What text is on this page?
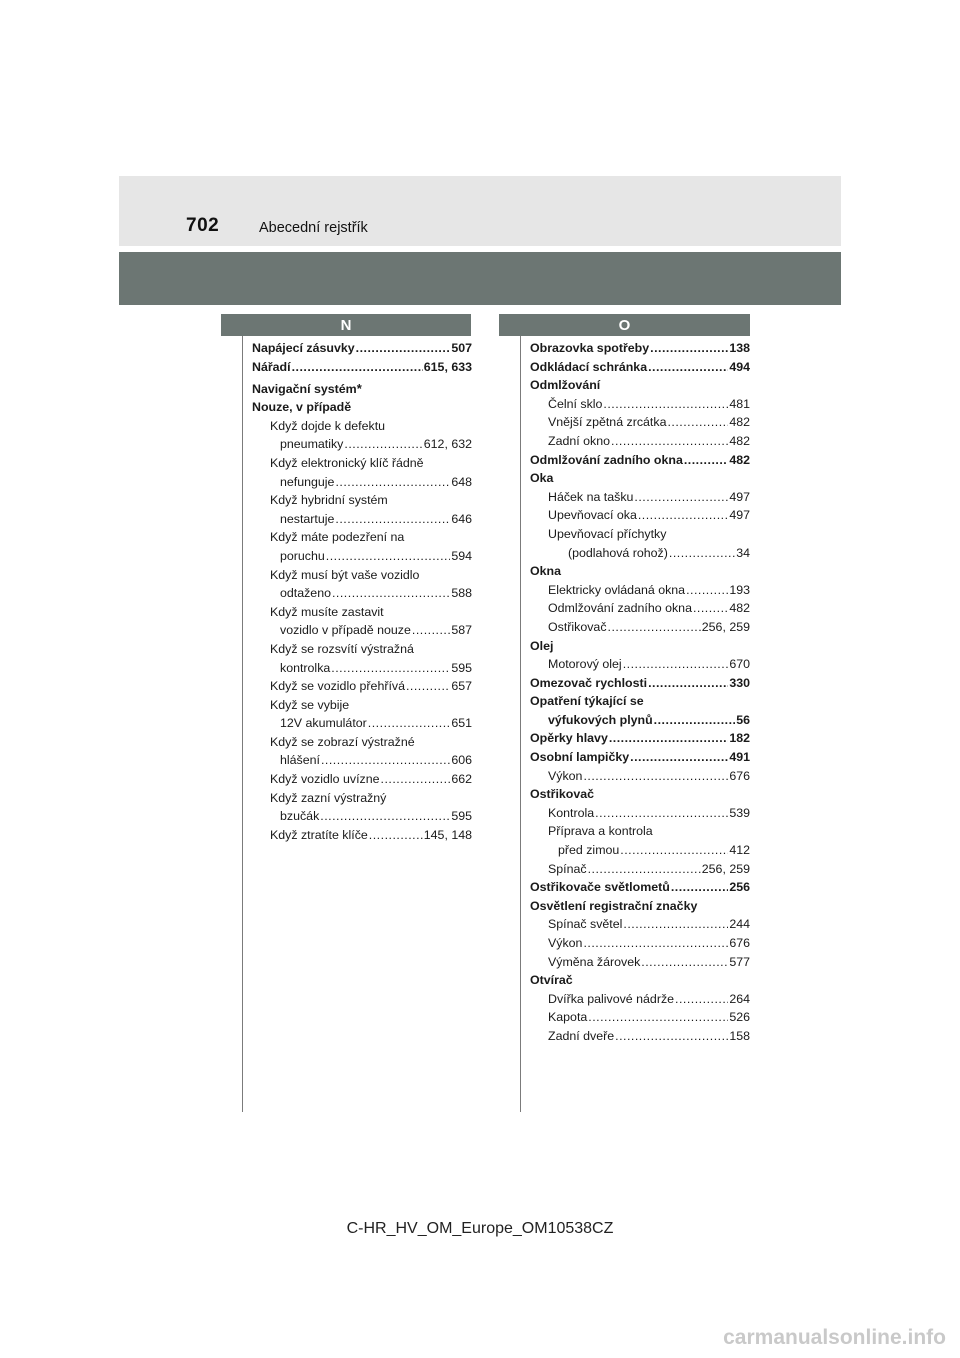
702	Abecední rejstřík
N	O
Napájecí zásuvky .....	507
Nářadí .....	615, 633
Navigační systém *
Nouze, v případě
Když dojde k defektu
pneumatiky .....	612, 632
Když elektronický klíč řádně
nefunguje .....	648
Když hybridní systém
nestartuje .....	646
Když máte podezření na
poruchu .....	594
Když musí být vaše vozidlo
odtaženo .....	588
Když musíte zastavit
vozidlo v případě nouze .....	587
Když se rozsvítí výstražná
kontrolka .....	595
Když se vozidlo přehřívá .....	657
Když se vybije
12V akumulátor .....	651
Když se zobrazí výstražné
hlášení .....	606
Když vozidlo uvízne .....	662
Když zazní výstražný
bzučák .....	595
Když ztratíte klíče .....	145, 148
Obrazovka spotřeby .....	138
Odkládací schránka .....	494
Odmlžování
Čelní sklo .....	481
Vnější zpětná zrcátka .....	482
Zadní okno .....	482
Odmlžování zadního okna .....	482
Oka
Háček na tašku .....	497
Upevňovací oka .....	497
Upevňovací příchytky
(podlahová rohož) .....	34
Okna
Elektricky ovládaná okna .....	193
Odmlžování zadního okna .....	482
Ostřikovač .....	256, 259
Olej
Motorový olej .....	670
Omezovač rychlosti .....	330
Opatření týkající se
výfukových plynů .....	56
Opěrky hlavy .....	182
Osobní lampičky .....	491
Výkon .....	676
Ostřikovač
Kontrola .....	539
Příprava a kontrola
před zimou .....	412
Spínač .....	256, 259
Ostřikovače světlometů .....	256
Osvětlení registrační značky
Spínač světel .....	244
Výkon .....	676
Výměna žárovek .....	577
Otvírač
Dvířka palivové nádrže .....	264
Kapota .....	526
Zadní dveře .....	158
C-HR_HV_OM_Europe_OM10538CZ
carmanualsonline.info
